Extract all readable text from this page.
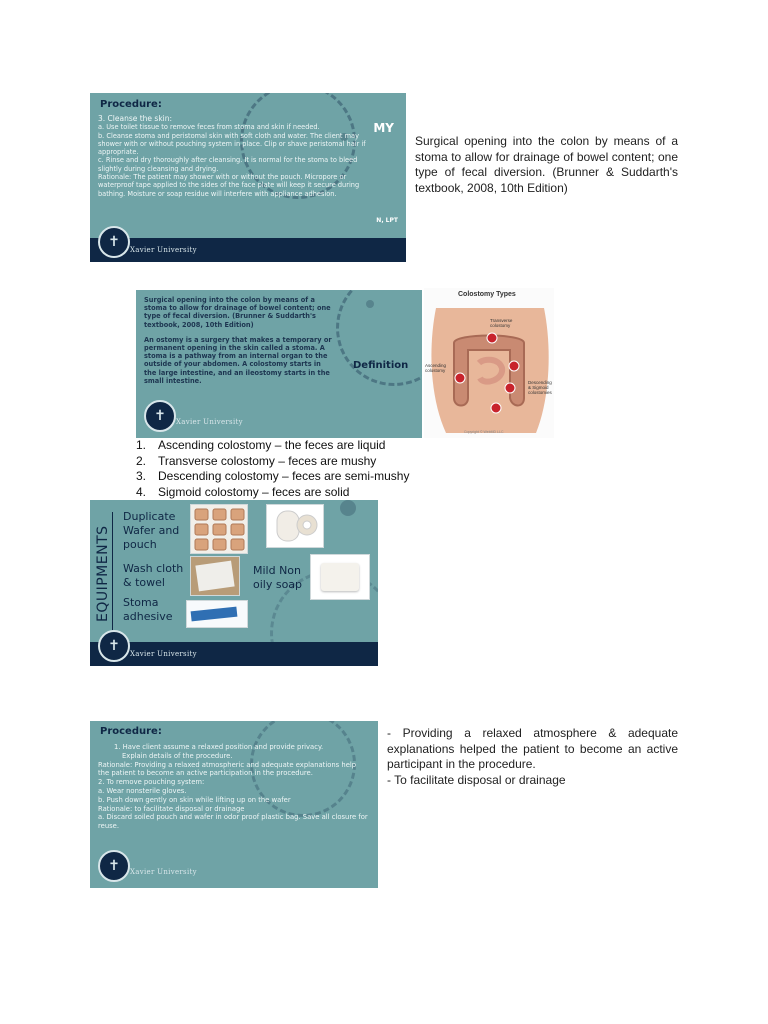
Procedure:

3. Cleanse the skin:

a. Use toilet tissue to remove feces from stoma and skin if needed.

b. Cleanse stoma and peristomal skin with soft cloth and water. The client may shower with or without pouching system in place. Clip or shave peristomal hair if appropriate.

c. Rinse and dry thoroughly after cleansing. It is normal for the stoma to bleed slightly during cleansing and drying.

Rationale: The patient may shower with or without the pouch. Micropore or waterproof tape applied to the sides of the face plate will keep it secure during bathing. Moisture or soap residue will interfere with appliance adhesion.

MY
N, LPT
✝	Xavier University
Surgical opening into the colon by means of a stoma to allow for drainage of bowel content; one type of fecal diversion. (Brunner & Suddarth's textbook, 2008, 10th Edition)

Surgical opening into the colon by means of a stoma to allow for drainage of bowel content; one type of fecal diversion. (Brunner & Suddarth's textbook, 2008, 10th Edition)

An ostomy is a surgery that makes a temporary or permanent opening in the skin called a stoma. A stoma is a pathway from an internal organ to the outside of your abdomen. A colostomy starts in the large intestine, and an ileostomy starts in the small intestine.

Definition
✝	Xavier University
Colostomy Types
Transverse colostomy
Ascending colostomy
Descending & Sigmoid colostomies
Copyright © WebMD LLC
1. Ascending colostomy – the feces are liquid
2. Transverse colostomy – feces are mushy
3. Descending colostomy – feces are semi-mushy
4. Sigmoid colostomy – feces are solid
EQUIPMENTS
Duplicate Wafer and pouch
Wash cloth & towel
Stoma adhesive
Mild Non oily soap
✝	Xavier University
Procedure:

1. Have client assume a relaxed position and provide privacy.

Explain details of the procedure.

Rationale: Providing a relaxed atmospheric and adequate explanations help the patient to become an active participation in the procedure.

2. To remove pouching system:

a. Wear nonsterile gloves.

b. Push down gently on skin while lifting up on the wafer

Rationale: to facilitate disposal or drainage

a. Discard soiled pouch and wafer in odor proof plastic bag. Save all closure for reuse.

✝	Xavier University

- Providing a relaxed atmosphere & adequate explanations helped the patient to become an active participant in the procedure.

- To facilitate disposal or drainage
